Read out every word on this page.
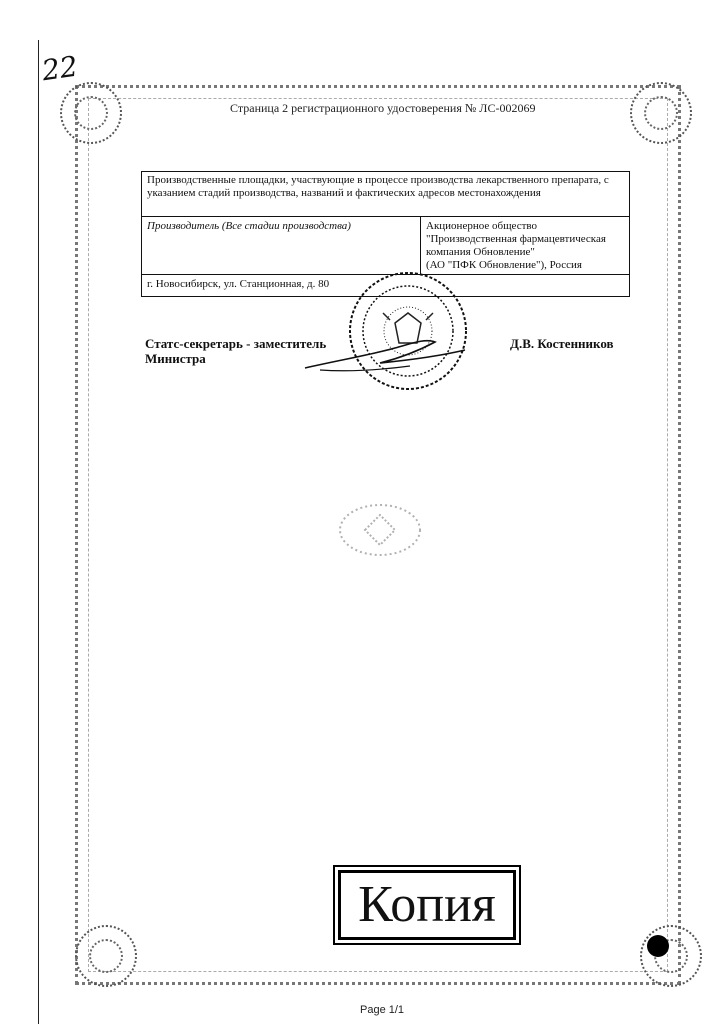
22
Страница 2 регистрационного удостоверения № ЛС-002069
Производственные площадки, участвующие в процессе производства лекарственного препарата, с указанием стадий производства, названий и фактических адресов местонахождения
Производитель (Все стадии производства)	Акционерное общество
"Производственная фармацевтическая
компания Обновление"
(АО "ПФК Обновление"), Россия
г. Новосибирск, ул. Станционная, д. 80
Статс-секретарь - заместитель
Министра
Д.В. Костенников
Копия
Page 1/1
